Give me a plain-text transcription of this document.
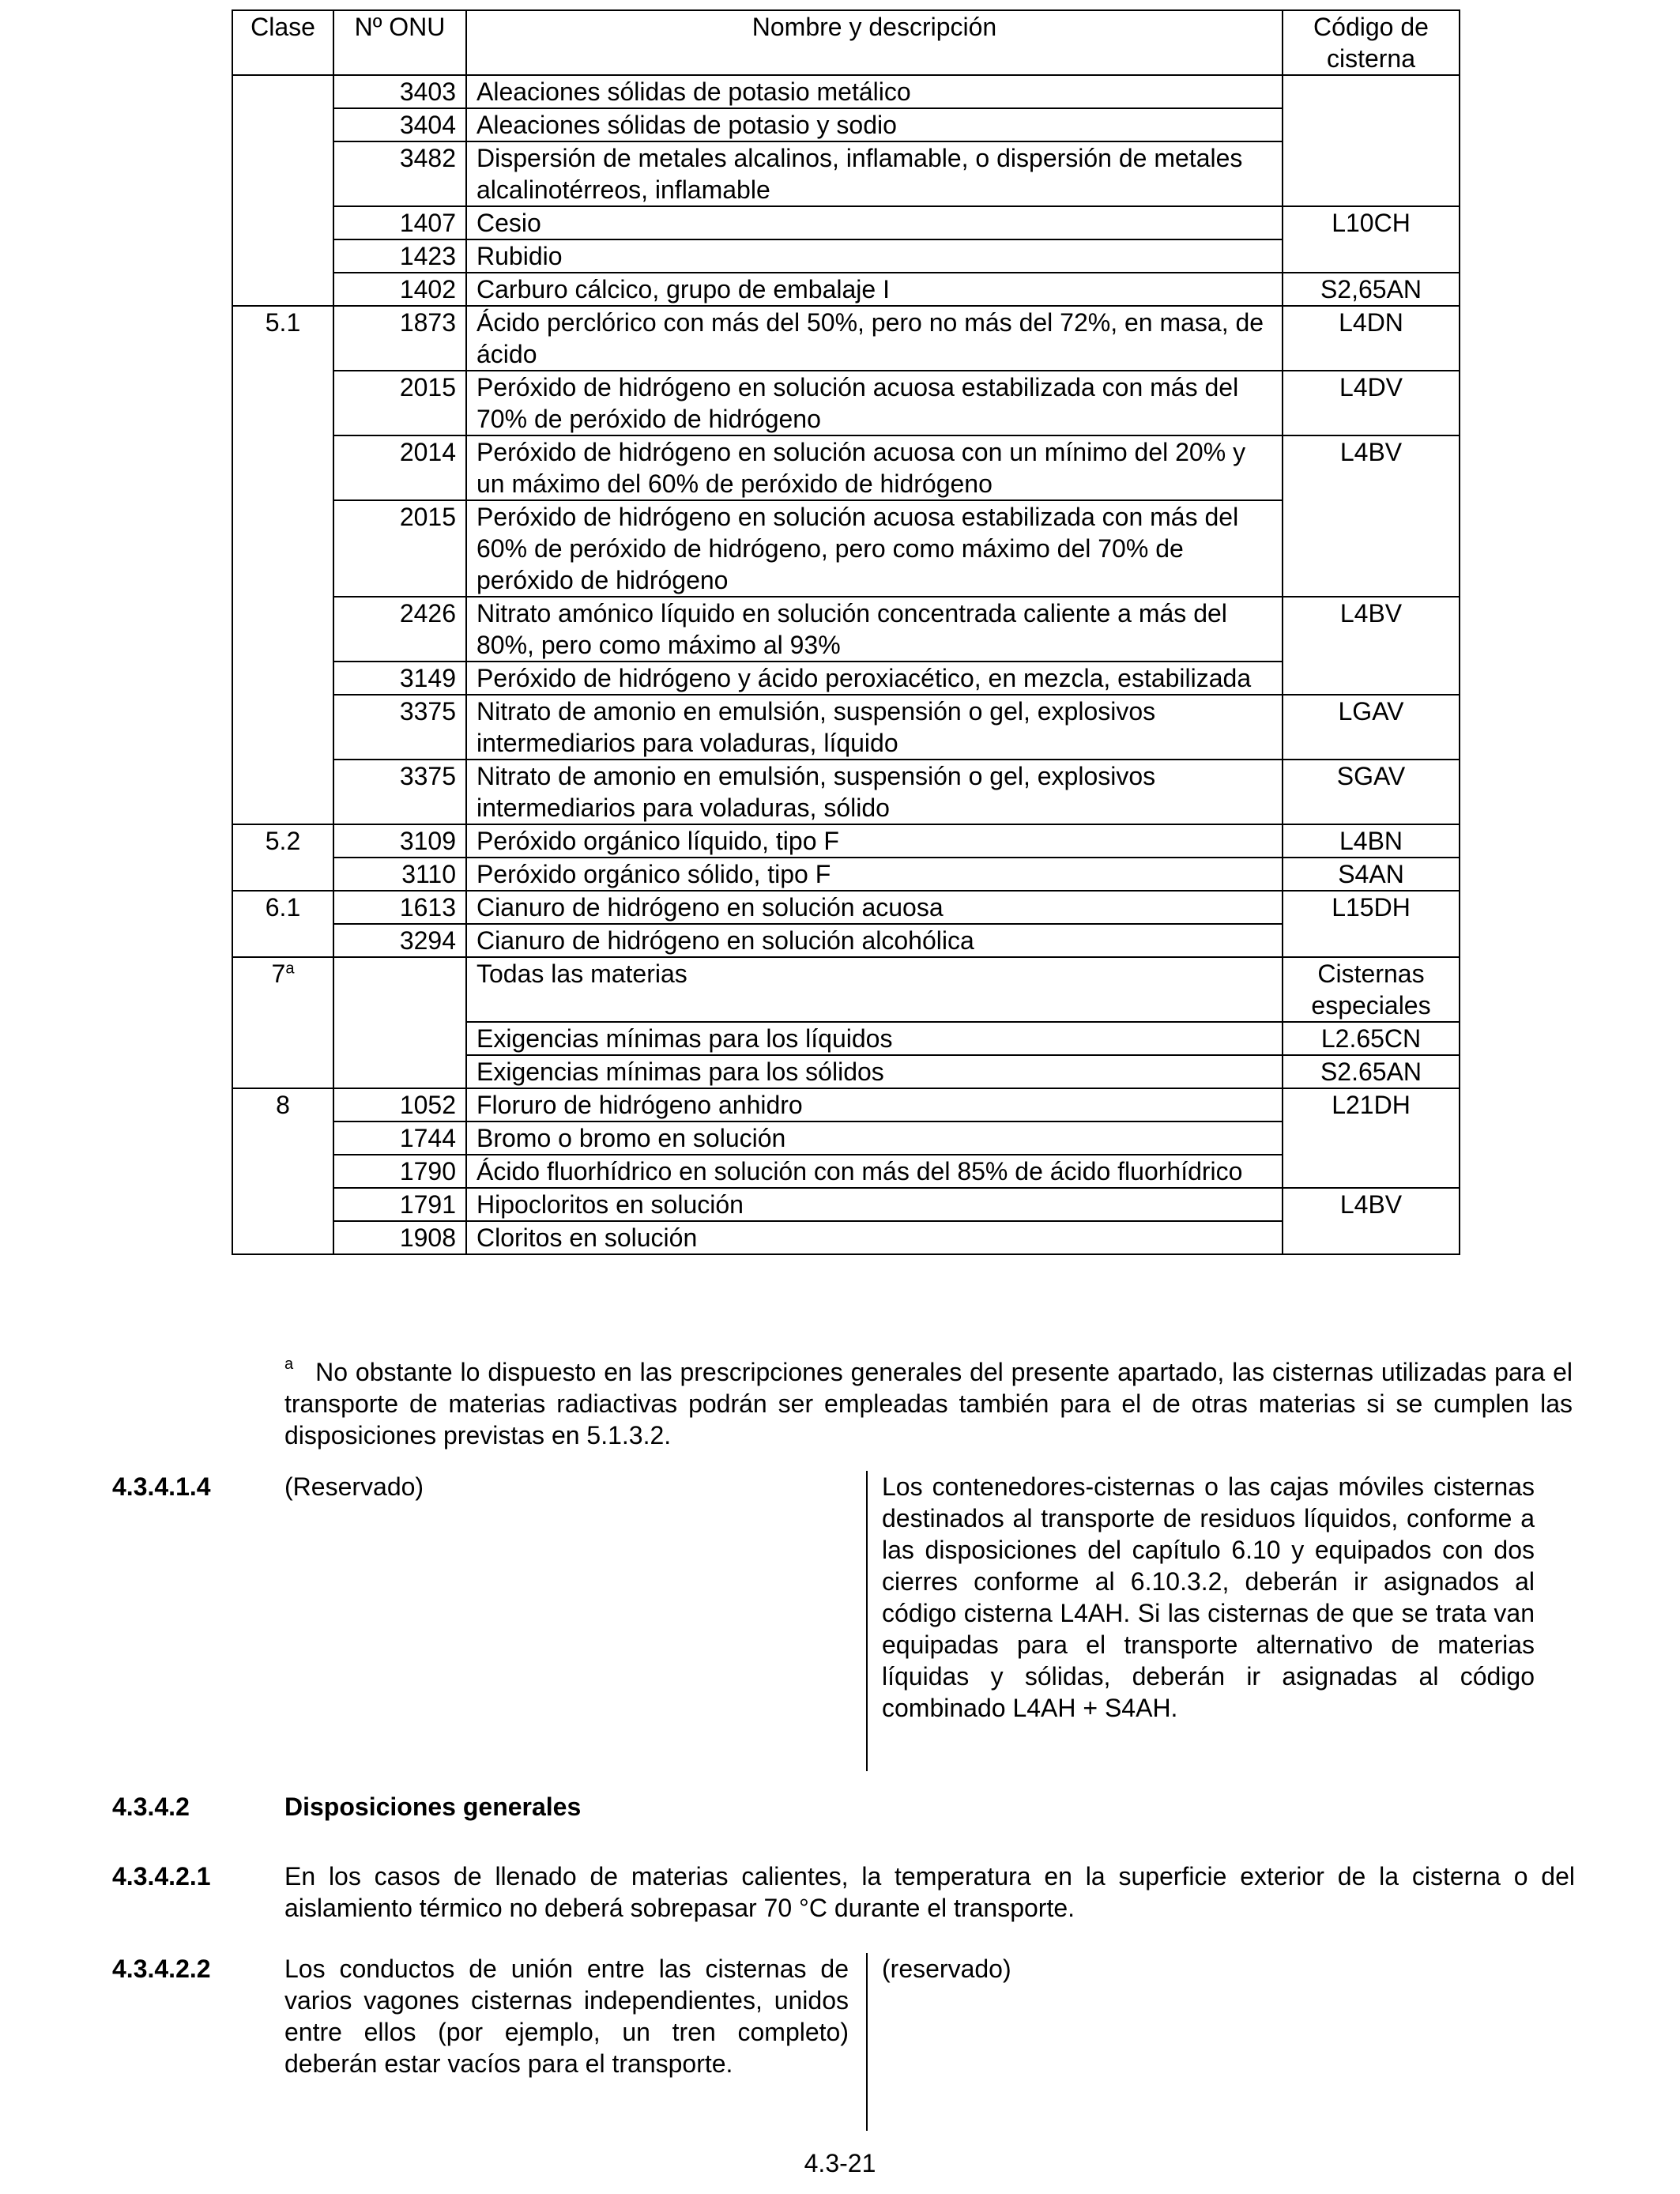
Clase	Nº ONU	Nombre y descripción	Código de cisterna
	3403	Aleaciones sólidas de potasio metálico	
	3404	Aleaciones sólidas de potasio y sodio	
	3482	Dispersión de metales alcalinos, inflamable, o dispersión de metales alcalinotérreos, inflamable	
	1407	Cesio	L10CH
	1423	Rubidio	
	1402	Carburo cálcico, grupo de embalaje I	S2,65AN
5.1	1873	Ácido perclórico con más del 50%, pero no más del 72%, en masa, de ácido	L4DN
	2015	Peróxido de hidrógeno en solución acuosa estabilizada con más del 70% de peróxido de hidrógeno	L4DV
	2014	Peróxido de hidrógeno en solución acuosa con un mínimo del 20% y un máximo del 60% de peróxido de hidrógeno	L4BV
	2015	Peróxido de hidrógeno en solución acuosa estabilizada con más del 60% de peróxido de hidrógeno, pero como máximo del 70% de peróxido de hidrógeno	
	2426	Nitrato amónico líquido en solución concentrada caliente a más del 80%, pero como máximo al 93%	L4BV
	3149	Peróxido de hidrógeno y ácido peroxiacético, en mezcla, estabilizada	
	3375	Nitrato de amonio en emulsión, suspensión o gel, explosivos intermediarios para voladuras, líquido	LGAV
	3375	Nitrato de amonio en emulsión, suspensión o gel, explosivos intermediarios para voladuras, sólido	SGAV
5.2	3109	Peróxido orgánico líquido, tipo F	L4BN
	3110	Peróxido orgánico sólido, tipo F	S4AN
6.1	1613	Cianuro de hidrógeno en solución acuosa	L15DH
	3294	Cianuro de hidrógeno en solución alcohólica	
7$^a$		Todas las materias	Cisternas especiales
		Exigencias mínimas para los líquidos	L2.65CN
		Exigencias mínimas para los sólidos	S2.65AN
8	1052	Floruro de hidrógeno anhidro	L21DH
	1744	Bromo o bromo en solución	
	1790	Ácido fluorhídrico en solución con más del 85% de ácido fluorhídrico	
	1791	Hipocloritos en solución	L4BV
	1908	Cloritos en solución	
$^a$ No obstante lo dispuesto en las prescripciones generales del presente apartado, las cisternas utilizadas para el transporte de materias radiactivas podrán ser empleadas también para el de otras materias si se cumplen las disposiciones previstas en 5.1.3.2.
4.3.4.1.4	(Reservado)	Los contenedores-cisternas o las cajas móviles cisternas destinados al transporte de residuos líquidos, conforme a las disposiciones del capítulo 6.10 y equipados con dos cierres conforme al 6.10.3.2, deberán ir asignados al código cisterna L4AH. Si las cisternas de que se trata van equipadas para el transporte alternativo de materias líquidas y sólidas, deberán ir asignadas al código combinado L4AH + S4AH.
4.3.4.2	Disposiciones generales
4.3.4.2.1	En los casos de llenado de materias calientes, la temperatura en la superficie exterior de la cisterna o del aislamiento térmico no deberá sobrepasar 70 °C durante el transporte.
4.3.4.2.2	Los conductos de unión entre las cisternas de varios vagones cisternas independientes, unidos entre ellos (por ejemplo, un tren completo) deberán estar vacíos para el transporte.
(reservado)
4.3-21
